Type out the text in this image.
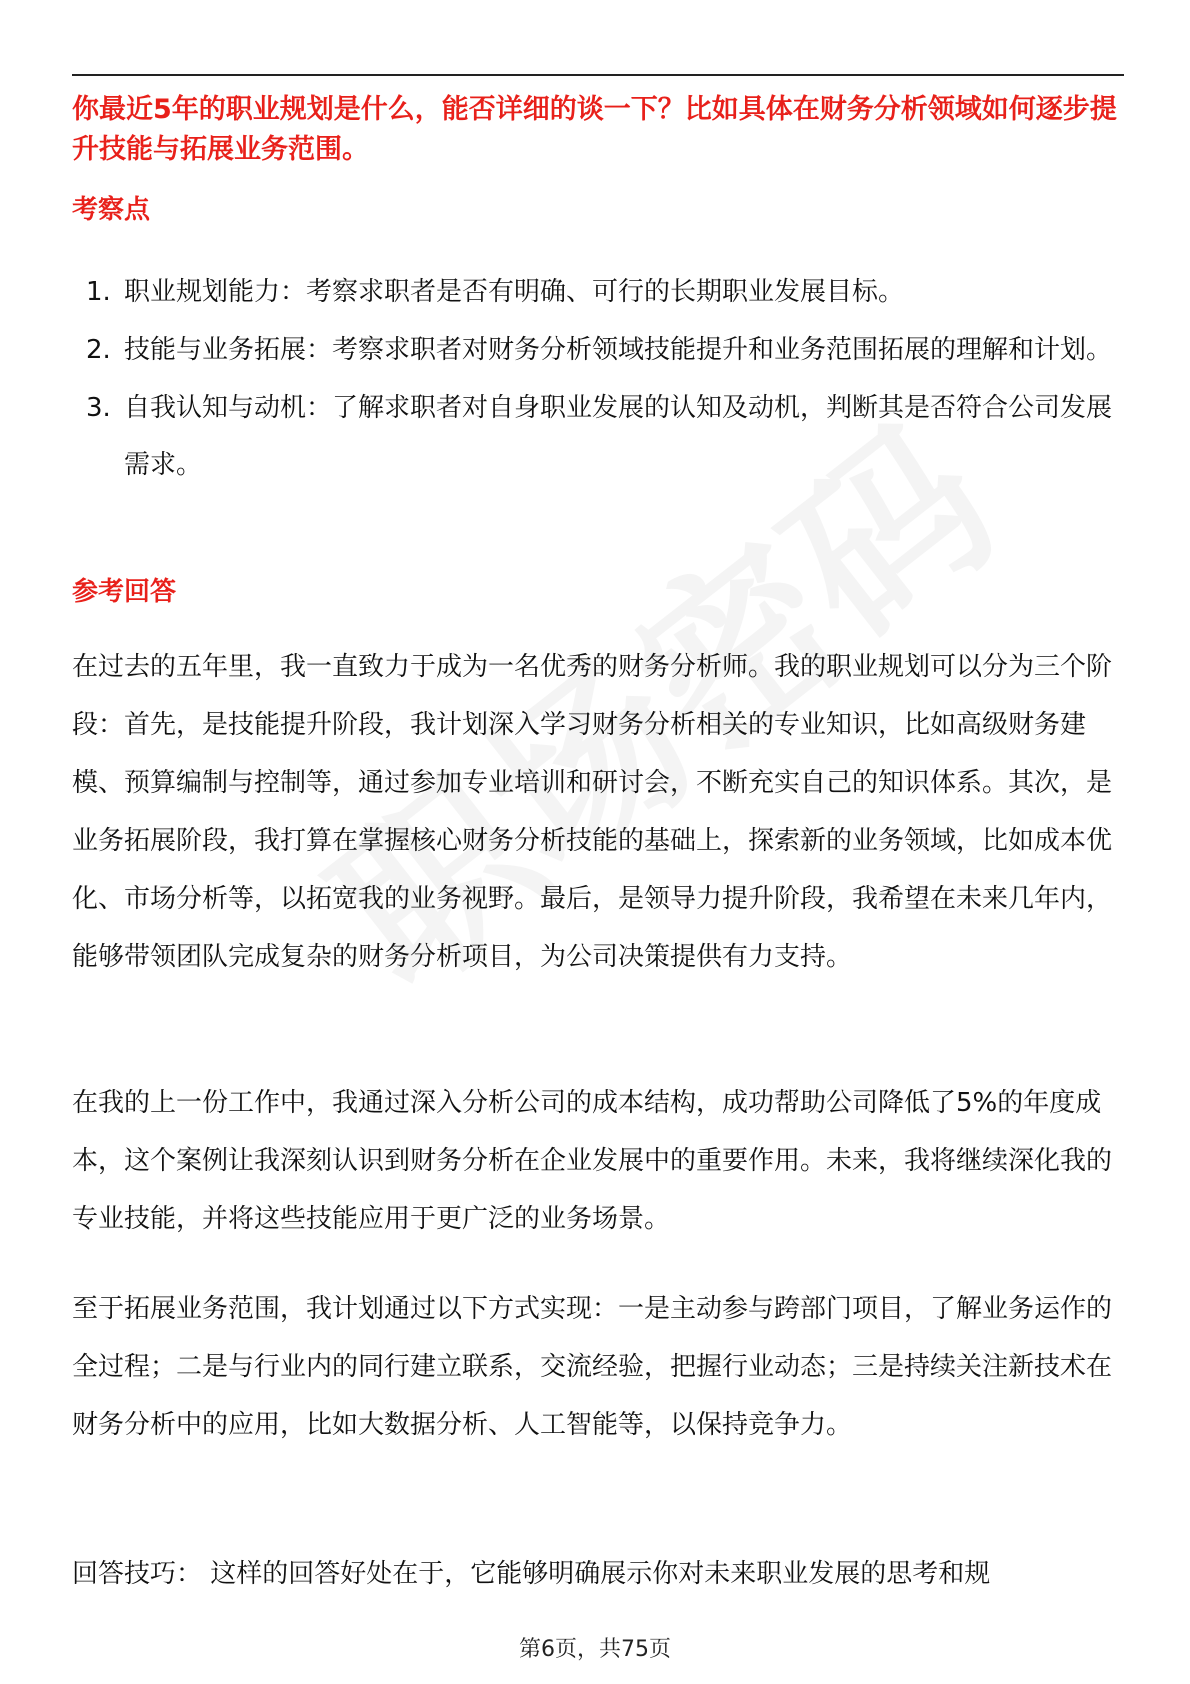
你最近5年的职业规划是什么，能否详细的谈一下？比如具体在财务分析领域如何逐步提升技能与拓展业务范围。

考察点
1. 职业规划能力：考察求职者是否有明确、可行的长期职业发展目标。
2. 技能与业务拓展：考察求职者对财务分析领域技能提升和业务范围拓展的理解和计划。
3. 自我认知与动机：了解求职者对自身职业发展的认知及动机，判断其是否符合公司发展需求。
参考回答

在过去的五年里，我一直致力于成为一名优秀的财务分析师。我的职业规划可以分为三个阶段：首先，是技能提升阶段，我计划深入学习财务分析相关的专业知识，比如高级财务建模、预算编制与控制等，通过参加专业培训和研讨会，不断充实自己的知识体系。其次，是业务拓展阶段，我打算在掌握核心财务分析技能的基础上，探索新的业务领域，比如成本优化、市场分析等，以拓宽我的业务视野。最后，是领导力提升阶段，我希望在未来几年内，能够带领团队完成复杂的财务分析项目，为公司决策提供有力支持。

在我的上一份工作中，我通过深入分析公司的成本结构，成功帮助公司降低了5%的年度成本，这个案例让我深刻认识到财务分析在企业发展中的重要作用。未来，我将继续深化我的专业技能，并将这些技能应用于更广泛的业务场景。

至于拓展业务范围，我计划通过以下方式实现：一是主动参与跨部门项目，了解业务运作的全过程；二是与行业内的同行建立联系，交流经验，把握行业动态；三是持续关注新技术在财务分析中的应用，比如大数据分析、人工智能等，以保持竞争力。

回答技巧： 这样的回答好处在于，它能够明确展示你对未来职业发展的思考和规

第6页，共75页
